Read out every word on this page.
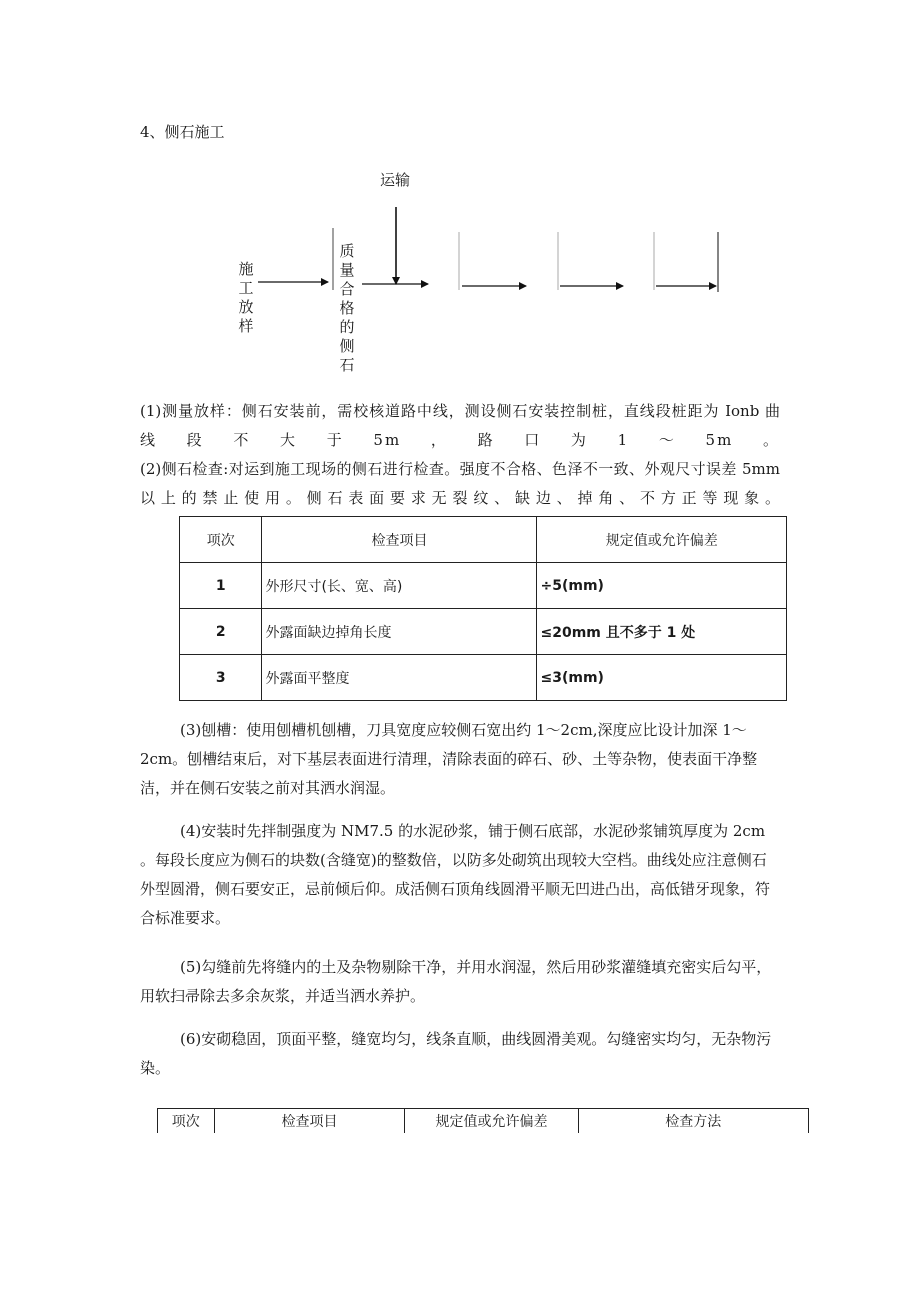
4、侧石施工
运输
施工放样
质量合格的侧石
(1)测量放样：侧石安装前，需校核道路中线，测设侧石安装控制桩，直线段桩距为 Ionb 曲
线段不大于5m，路口为1～5m。
(2)侧石检查:对运到施工现场的侧石进行检查。强度不合格、色泽不一致、外观尺寸误差 5mm
以上的禁止使用。侧石表面要求无裂纹、缺边、掉角、不方正等现象。
项次	检查项目	规定值或允许偏差
1	外形尺寸(长、宽、高)	÷5(mm)
2	外露面缺边掉角长度	≤20mm 且不多于 1 处
3	外露面平整度	≤3(mm)

(3)刨槽：使用刨槽机刨槽，刀具宽度应较侧石宽出约 1～2cm,深度应比设计加深 1～2cm。刨槽结束后，对下基层表面进行清理，清除表面的碎石、砂、土等杂物，使表面干净整洁，并在侧石安装之前对其洒水润湿。

(4)安装时先拌制强度为 NM7.5 的水泥砂浆，铺于侧石底部，水泥砂浆铺筑厚度为 2cm 。每段长度应为侧石的块数(含缝宽)的整数倍，以防多处砌筑出现较大空档。曲线处应注意侧石外型圆滑，侧石要安正，忌前倾后仰。成活侧石顶角线圆滑平顺无凹进凸出，高低错牙现象，符合标准要求。

(5)勾缝前先将缝内的土及杂物剔除干净，并用水润湿，然后用砂浆灌缝填充密实后勾平，用软扫帚除去多余灰浆，并适当洒水养护。

(6)安砌稳固，顶面平整，缝宽均匀，线条直顺，曲线圆滑美观。勾缝密实均匀，无杂物污染。

项次	检查项目	规定值或允许偏差	检查方法
